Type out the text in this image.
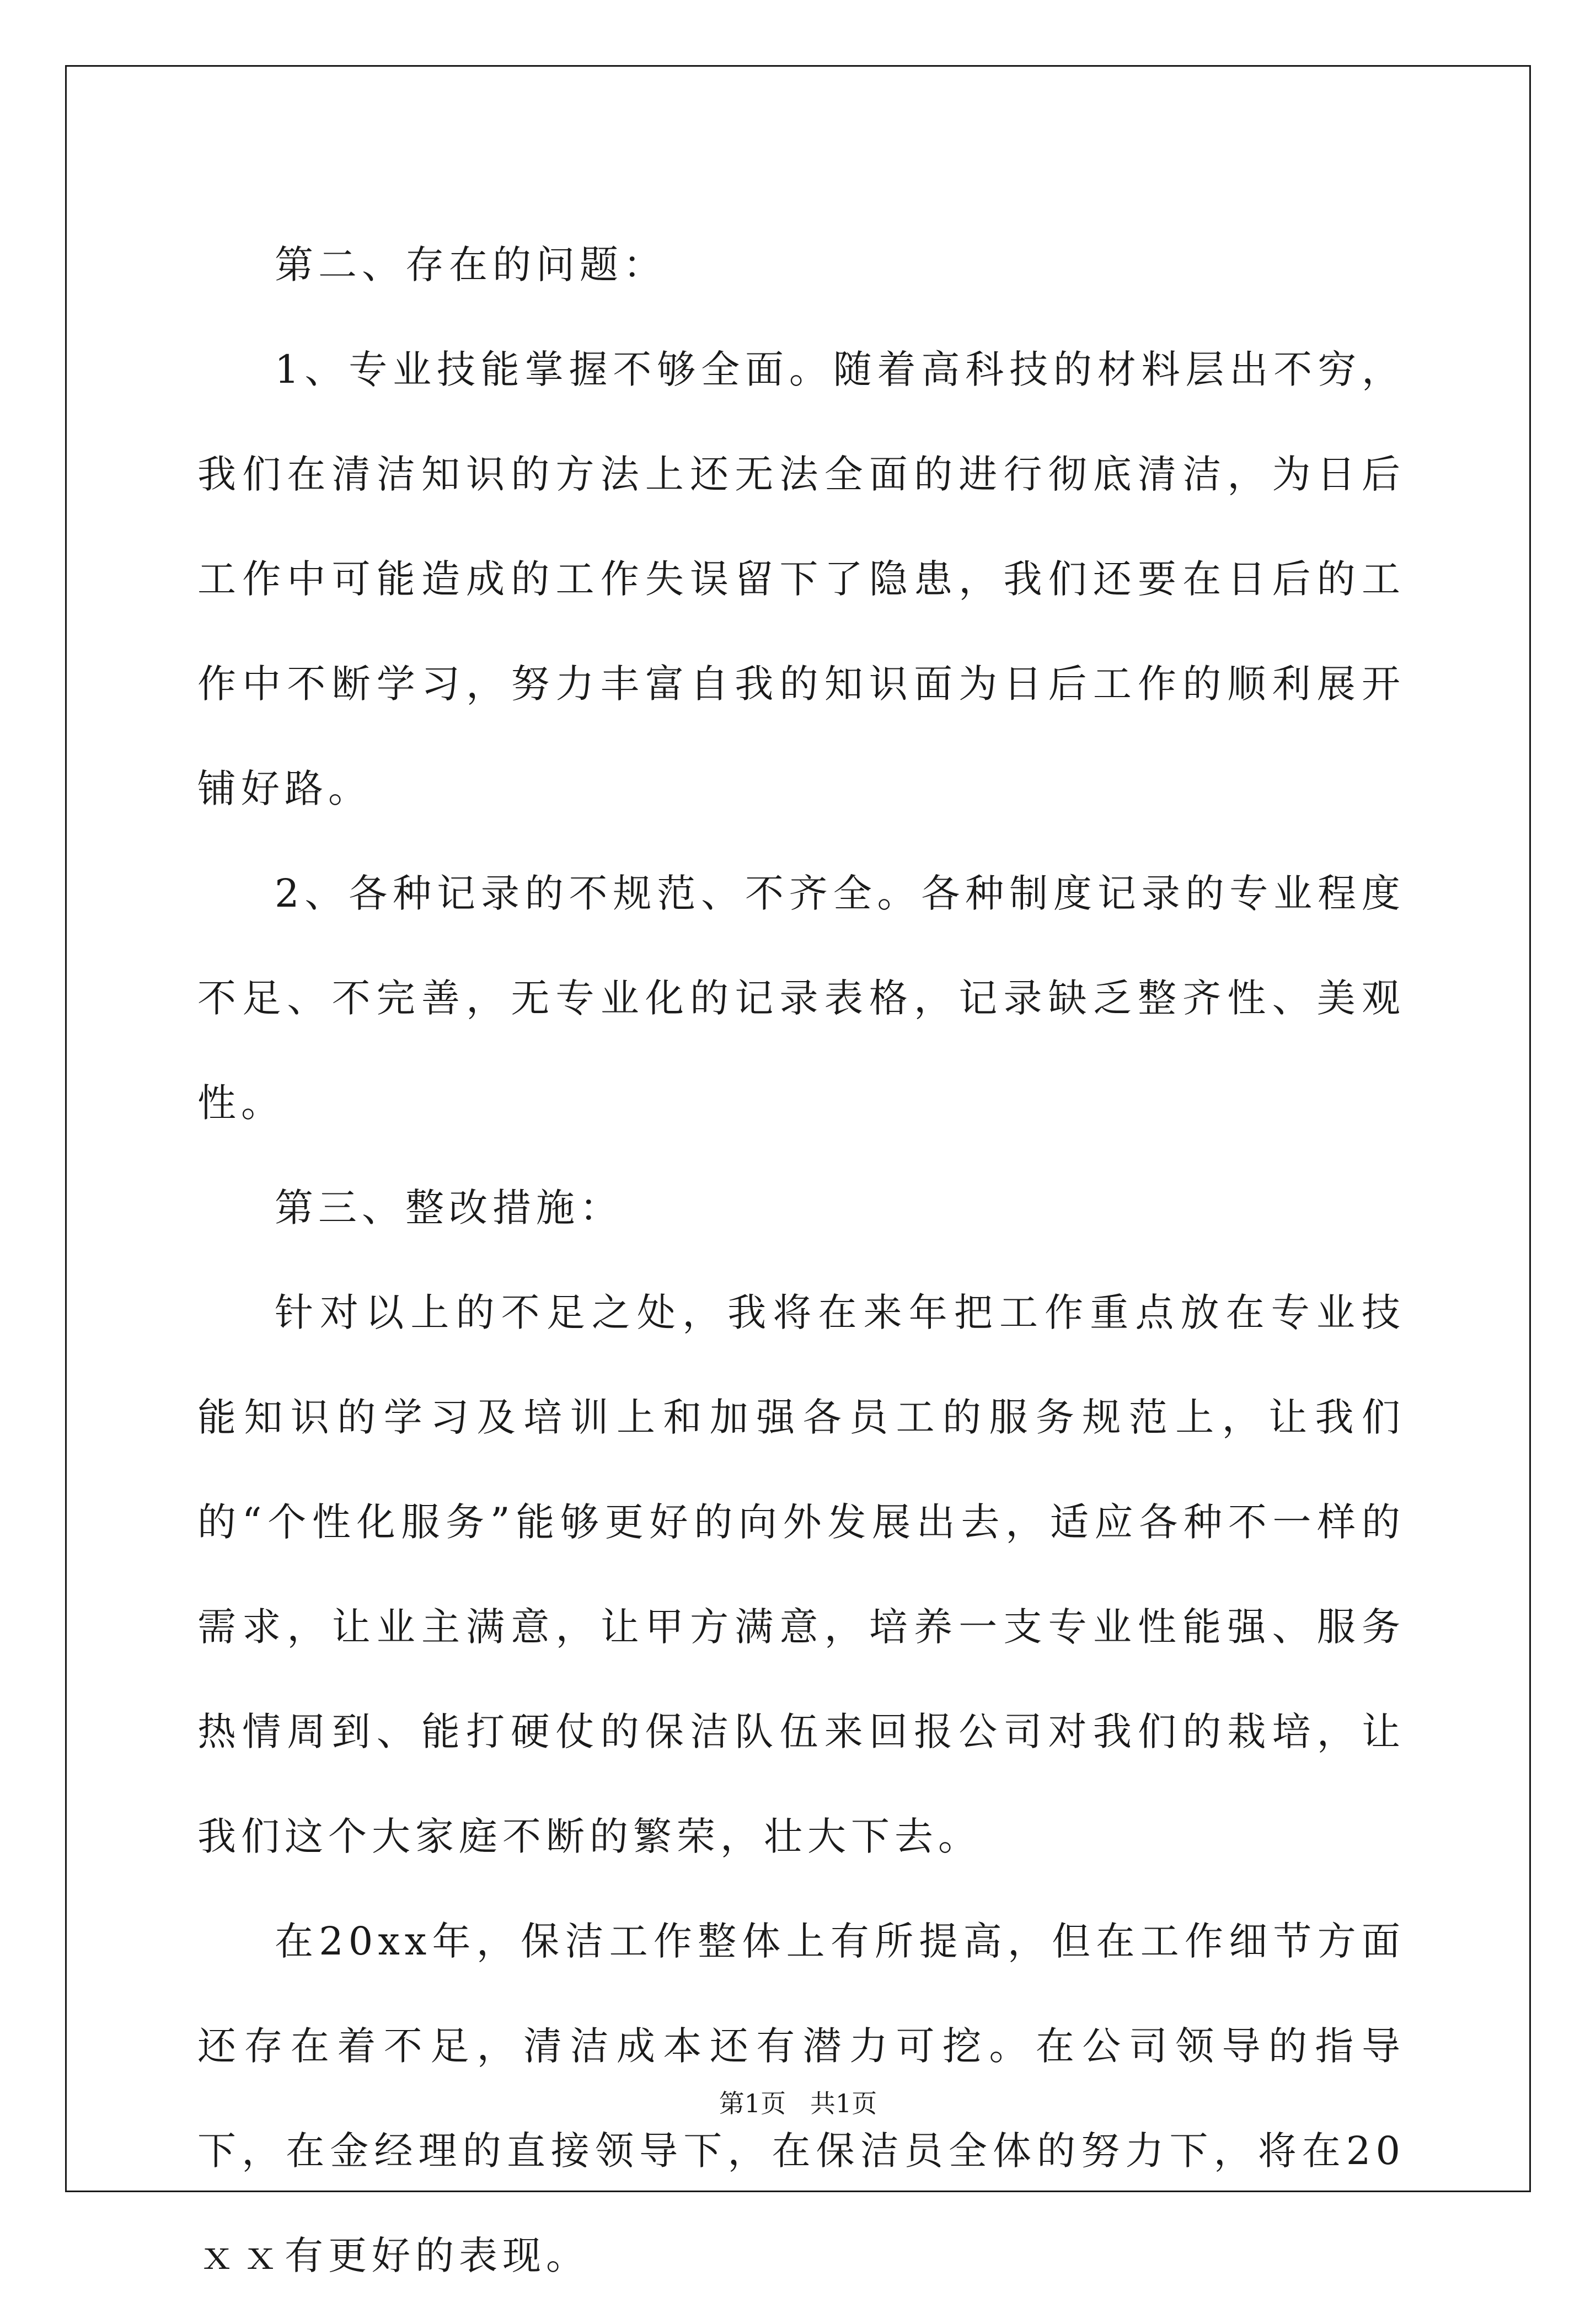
第二、存在的问题：

1、专业技能掌握不够全面。随着高科技的材料层出不穷，我们在清洁知识的方法上还无法全面的进行彻底清洁，为日后工作中可能造成的工作失误留下了隐患，我们还要在日后的工作中不断学习，努力丰富自我的知识面为日后工作的顺利展开铺好路。

2、各种记录的不规范、不齐全。各种制度记录的专业程度不足、不完善，无专业化的记录表格，记录缺乏整齐性、美观性。

第三、整改措施：

针对以上的不足之处，我将在来年把工作重点放在专业技能知识的学习及培训上和加强各员工的服务规范上，让我们的“个性化服务”能够更好的向外发展出去，适应各种不一样的需求，让业主满意，让甲方满意，培养一支专业性能强、服务热情周到、能打硬仗的保洁队伍来回报公司对我们的栽培，让我们这个大家庭不断的繁荣，壮大下去。

在20xx年，保洁工作整体上有所提高，但在工作细节方面还存在着不足，清洁成本还有潜力可挖。在公司领导的指导下，在金经理的直接领导下，在保洁员全体的努力下，将在20ｘｘ有更好的表现。

第1页   共1页
